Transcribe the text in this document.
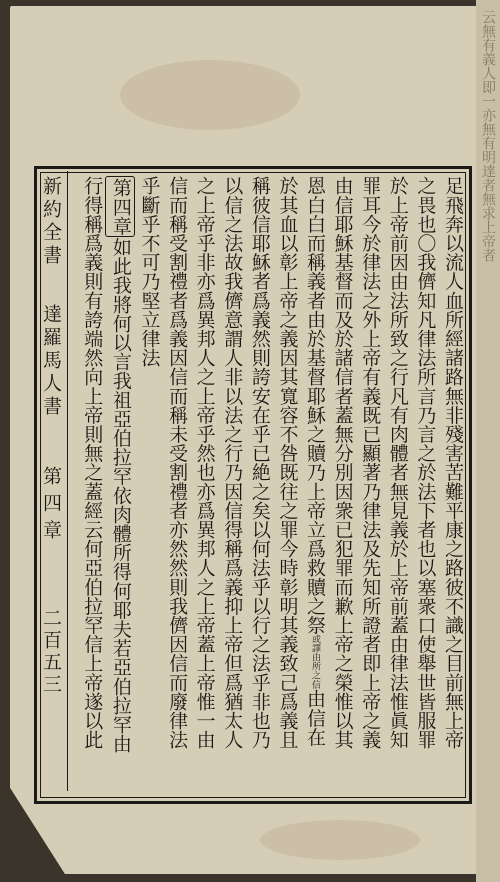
云無有義人即一亦無有明達者無求上帝者
新約全書
達羅馬人書
第四章
二百五三	足飛奔以流人血所經諸路無非殘害苦難平康之路彼不識之目前無上帝
之畏也〇我儕知凡律法所言乃言之於法下者也以塞衆口使舉世皆服罪
於上帝前因由法所致之行凡有肉體者無見義於上帝前蓋由律法惟眞知
罪耳今於律法之外上帝有義既已顯著乃律法及先知所證者即上帝之義
由信耶穌基督而及於諸信者蓋無分別因衆已犯罪而歉上帝之榮惟以其
恩白白而稱義者由於基督耶穌之贖乃上帝立爲救贖之祭或譯由所之信由信在
於其血以彰上帝之義因其寬容不咎既往之罪今時彰明其義致己爲義且
稱彼信耶穌者爲義然則誇安在乎已絶之矣以何法乎以行之法乎非也乃
以信之法故我儕意謂人非以法之行乃因信得稱爲義抑上帝但爲猶太人
之上帝乎非亦爲異邦人之上帝乎然也亦爲異邦人之上帝蓋上帝惟一由
信而稱受割禮者爲義因信而稱未受割禮者亦然然則我儕因信而廢律法
乎斷乎不可乃堅立律法
第四章如此我將何以言我祖亞伯拉罕依肉體所得何耶夫若亞伯拉罕由
行得稱爲義則有誇端然向上帝則無之蓋經云何亞伯拉罕信上帝遂以此
